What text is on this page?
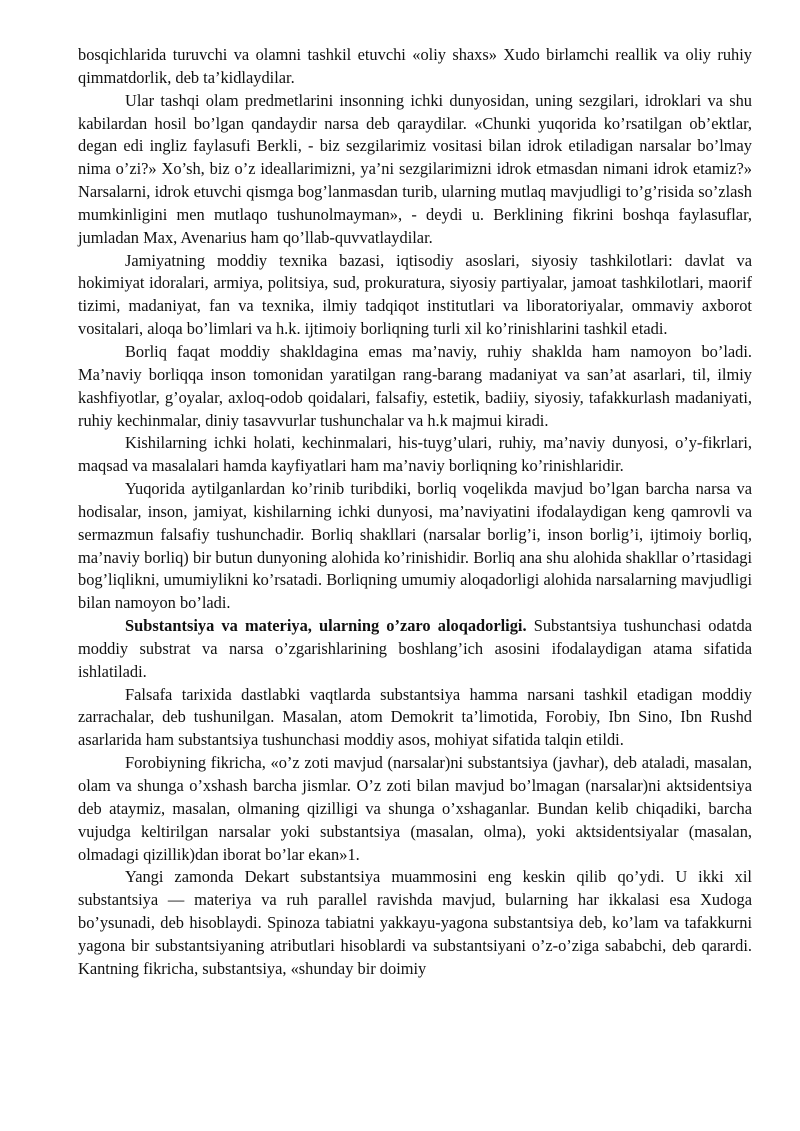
bosqichlarida turuvchi va olamni tashkil etuvchi «oliy shaxs» Xudo birlamchi reallik va oliy ruhiy qimmatdorlik, deb ta’kidlaydilar.

Ular tashqi olam predmetlarini insonning ichki dunyosidan, uning sezgilari, idroklari va shu kabilardan hosil bo’lgan qandaydir narsa deb qaraydilar. «Chunki yuqorida ko’rsatilgan ob’ektlar, degan edi ingliz faylasufi Berkli, - biz sezgilarimiz vositasi bilan idrok etiladigan narsalar bo’lmay nima o’zi?» Xo’sh, biz o’z ideallarimizni, ya’ni sezgilarimizni idrok etmasdan nimani idrok etamiz?» Narsalarni, idrok etuvchi qismga bog’lanmasdan turib, ularning mutlaq mavjudligi to’g’risida so’zlash mumkinligini men mutlaqo tushunolmayman», - deydi u. Berklining fikrini boshqa faylasuflar, jumladan Max, Avenarius ham qo’llab-quvvatlaydilar.

Jamiyatning moddiy texnika bazasi, iqtisodiy asoslari, siyosiy tashkilotlari: davlat va hokimiyat idoralari, armiya, politsiya, sud, prokuratura, siyosiy partiyalar, jamoat tashkilotlari, maorif tizimi, madaniyat, fan va texnika, ilmiy tadqiqot institutlari va liboratoriyalar, ommaviy axborot vositalari, aloqa bo’limlari va h.k. ijtimoiy borliqning turli xil ko’rinishlarini tashkil etadi.

Borliq faqat moddiy shakldagina emas ma’naviy, ruhiy shaklda ham namoyon bo’ladi. Ma’naviy borliqqa inson tomonidan yaratilgan rang-barang madaniyat va san’at asarlari, til, ilmiy kashfiyotlar, g’oyalar, axloq-odob qoidalari, falsafiy, estetik, badiiy, siyosiy, tafakkurlash madaniyati, ruhiy kechinmalar, diniy tasavvurlar tushunchalar va h.k majmui kiradi.

Kishilarning ichki holati, kechinmalari, his-tuyg’ulari, ruhiy, ma’naviy dunyosi, o’y-fikrlari, maqsad va masalalari hamda kayfiyatlari ham ma’naviy borliqning ko’rinishlaridir.

Yuqorida aytilganlardan ko’rinib turibdiki, borliq voqelikda mavjud bo’lgan barcha narsa va hodisalar, inson, jamiyat, kishilarning ichki dunyosi, ma’naviyatini ifodalaydigan keng qamrovli va sermazmun falsafiy tushunchadir. Borliq shakllari (narsalar borlig’i, inson borlig’i, ijtimoiy borliq, ma’naviy borliq) bir butun dunyoning alohida ko’rinishidir. Borliq ana shu alohida shakllar o’rtasidagi bog’liqlikni, umumiylikni ko’rsatadi. Borliqning umumiy aloqadorligi alohida narsalarning mavjudligi bilan namoyon bo’ladi.

Substantsiya va materiya, ularning o’zaro aloqadorligi. Substantsiya tushunchasi odatda moddiy substrat va narsa o’zgarishlarining boshlang’ich asosini ifodalaydigan atama sifatida ishlatiladi.

Falsafa tarixida dastlabki vaqtlarda substantsiya hamma narsani tashkil etadigan moddiy zarrachalar, deb tushunilgan. Masalan, atom Demokrit ta’limotida, Forobiy, Ibn Sino, Ibn Rushd asarlarida ham substantsiya tushunchasi moddiy asos, mohiyat sifatida talqin etildi.

Forobiyning fikricha, «o’z zoti mavjud (narsalar)ni substantsiya (javhar), deb ataladi, masalan, olam va shunga o’xshash barcha jismlar. O’z zoti bilan mavjud bo’lmagan (narsalar)ni aktsidentsiya deb ataymiz, masalan, olmaning qizilligi va shunga o’xshaganlar. Bundan kelib chiqadiki, barcha vujudga keltirilgan narsalar yoki substantsiya (masalan, olma), yoki aktsidentsiyalar (masalan, olmadagi qizillik)dan iborat bo’lar ekan»1.

Yangi zamonda Dekart substantsiya muammosini eng keskin qilib qo’ydi. U ikki xil substantsiya — materiya va ruh parallel ravishda mavjud, bularning har ikkalasi esa Xudoga bo’ysunadi, deb hisoblaydi. Spinoza tabiatni yakkayu-yagona substantsiya deb, ko’lam va tafakkurni yagona bir substantsiyaning atributlari hisoblardi va substantsiyani o’z-o’ziga sababchi, deb qarardi. Kantning fikricha, substantsiya, «shunday bir doimiy
